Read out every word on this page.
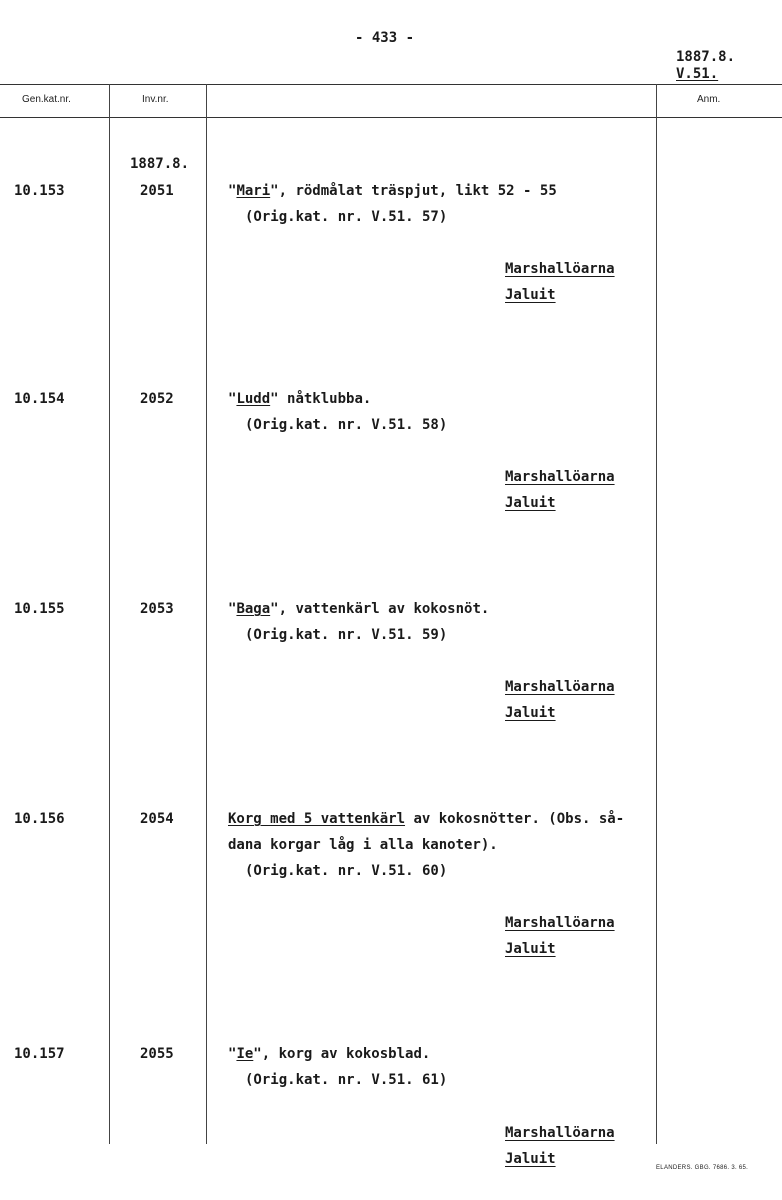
- 433 -
1887.8.
V.51.
Gen.kat.nr.	Inv.nr.	Anm.
1887.8.
10.153	2051	"Mari", rödmålat träspjut, likt 52 - 55
(Orig.kat. nr. V.51. 57)
Marshallöarna
Jaluit
10.154	2052	"Ludd" nåtklubba.
(Orig.kat. nr. V.51. 58)
Marshallöarna
Jaluit
10.155	2053	"Baga", vattenkärl av kokosnöt.
(Orig.kat. nr. V.51. 59)
Marshallöarna
Jaluit
10.156	2054	Korg med 5 vattenkärl av kokosnötter. (Obs. så-
dana korgar låg i alla kanoter).
(Orig.kat. nr. V.51. 60)
Marshallöarna
Jaluit
10.157	2055	"Ie", korg av kokosblad.
(Orig.kat. nr. V.51. 61)
Marshallöarna
Jaluit
ELANDERS. GBG. 7686. 3. 65.
